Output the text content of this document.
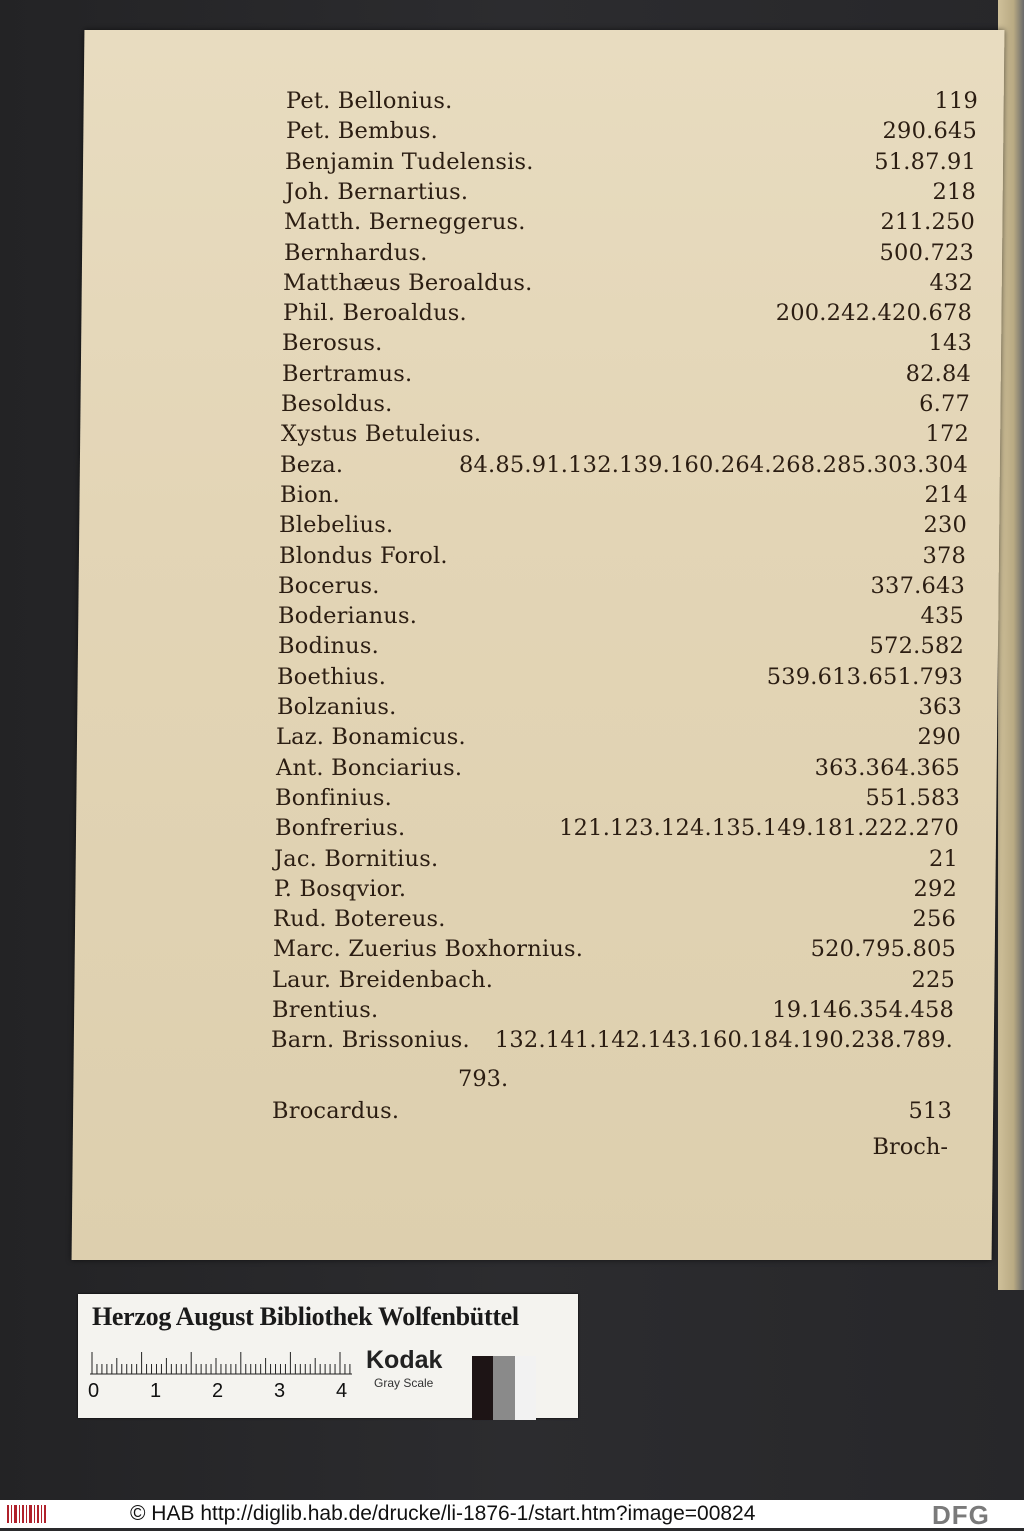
Pet. Bellonius.	119
Pet. Bembus.	290.645
Benjamin Tudelensis.	51.87.91
Joh. Bernartius.	218
Matth. Berneggerus.	211.250
Bernhardus.	500.723
Matthæus Beroaldus.	432
Phil. Beroaldus.	200.242.420.678
Berosus.	143
Bertramus.	82.84
Besoldus.	6.77
Xystus Betuleius.	172
Beza.	84.85.91.132.139.160.264.268.285.303.304
Bion.	214
Blebelius.	230
Blondus Forol.	378
Bocerus.	337.643
Boderianus.	435
Bodinus.	572.582
Boethius.	539.613.651.793
Bolzanius.	363
Laz. Bonamicus.	290
Ant. Bonciarius.	363.364.365
Bonfinius.	551.583
Bonfrerius.	121.123.124.135.149.181.222.270
Jac. Bornitius.	21
P. Bosqvior.	292
Rud. Botereus.	256
Marc. Zuerius Boxhornius.	520.795.805
Laur. Breidenbach.	225
Brentius.	19.146.354.458
Barn. Brissonius. 132.141.142.143.160.184.190.238.789.
793.
Brocardus.	513
Broch-
Herzog August Bibliothek Wolfenbüttel
0	1	2	3	4
Kodak
Gray Scale
© HAB http://diglib.hab.de/drucke/li-1876-1/start.htm?image=00824	DFG
